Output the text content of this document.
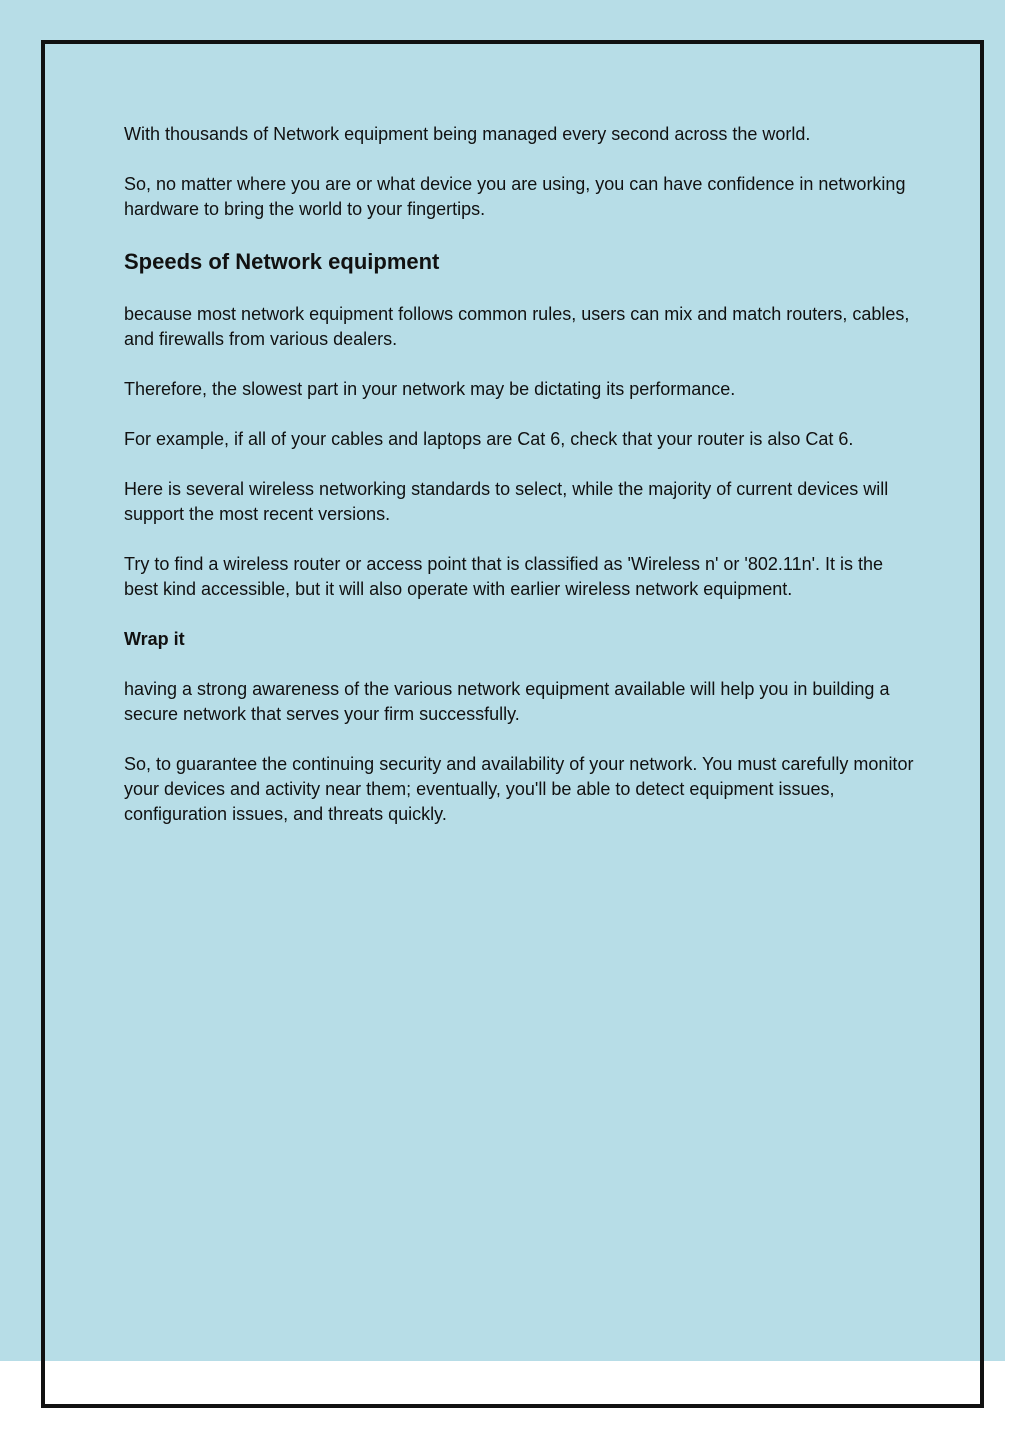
With thousands of Network equipment being managed every second across the world.

So, no matter where you are or what device you are using, you can have confidence in networking hardware to bring the world to your fingertips.

Speeds of Network equipment

because most network equipment follows common rules, users can mix and match routers, cables, and firewalls from various dealers.

Therefore, the slowest part in your network may be dictating its performance.

For example, if all of your cables and laptops are Cat 6, check that your router is also Cat 6.

Here is several wireless networking standards to select, while the majority of current devices will support the most recent versions.

Try to find a wireless router or access point that is classified as 'Wireless n' or '802.11n'. It is the best kind accessible, but it will also operate with earlier wireless network equipment.

Wrap it

having a strong awareness of the various network equipment available will help you in building a secure network that serves your firm successfully.

So, to guarantee the continuing security and availability of your network. You must carefully monitor your devices and activity near them; eventually, you'll be able to detect equipment issues, configuration issues, and threats quickly.
